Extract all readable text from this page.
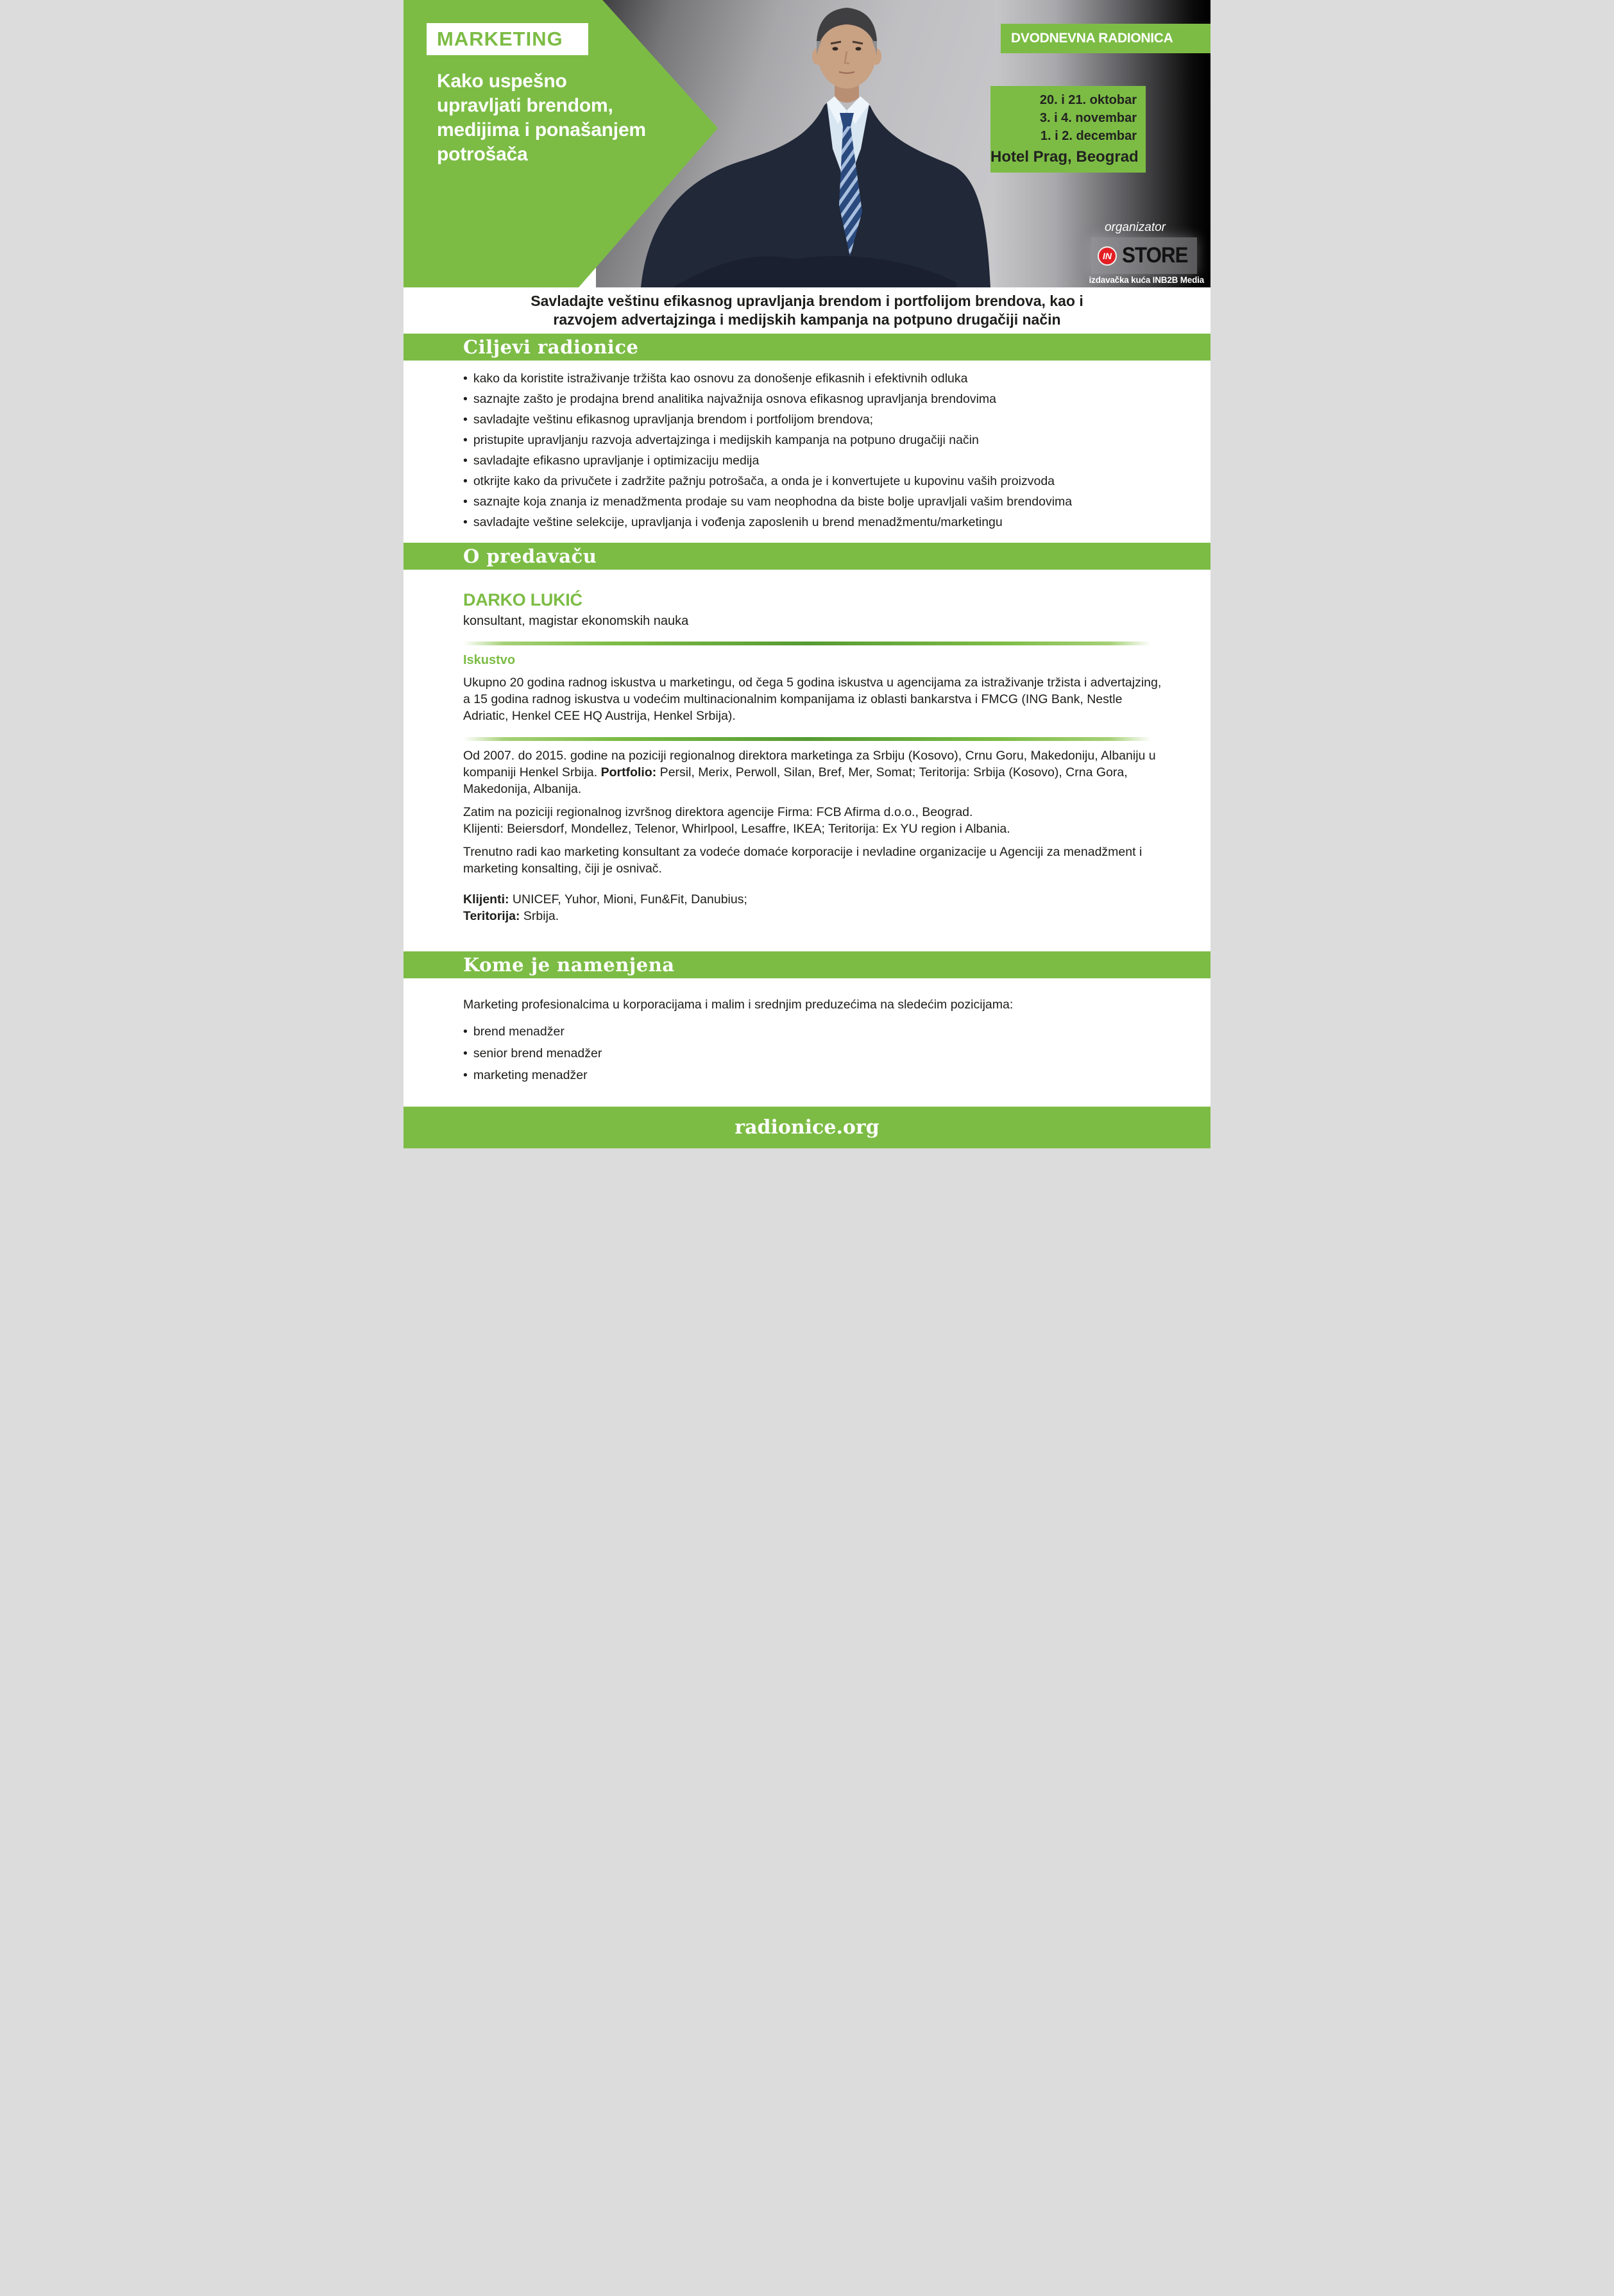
MARKETING
Kako uspešno upravljati brendom, medijima i ponašanjem potrošača
DVODNEVNA RADIONICA
20. i 21. oktobar
3. i 4. novembar
1. i 2. decembar
Hotel Prag, Beograd
organizator
IN STORE
izdavačka kuća INB2B Media

Savladajte veštinu efikasnog upravljanja brendom i portfolijom brendova, kao i razvojem advertajzinga i medijskih kampanja na potpuno drugačiji način

Ciljevi radionice
• kako da koristite istraživanje tržišta kao osnovu za donošenje efikasnih i efektivnih odluka
• saznajte zašto je prodajna brend analitika najvažnija osnova efikasnog upravljanja brendovima
• savladajte veštinu efikasnog upravljanja brendom i portfolijom brendova;
• pristupite upravljanju razvoja advertajzinga i medijskih kampanja na potpuno drugačiji način
• savladajte efikasno upravljanje i optimizaciju medija
• otkrijte kako da privučete i zadržite pažnju potrošača, a onda je i konvertujete u kupovinu vaših proizvoda
• saznajte koja znanja iz menadžmenta prodaje su vam neophodna da biste bolje upravljali vašim brendovima
• savladajte veštine selekcije, upravljanja i vođenja zaposlenih u brend menadžmentu/marketingu
O predavaču
DARKO LUKIĆ

konsultant, magistar ekonomskih nauka

Iskustvo

Ukupno 20 godina radnog iskustva u marketingu, od čega 5 godina iskustva u agencijama za istraživanje tržista i advertajzing, a 15 godina radnog iskustva u vodećim multinacionalnim kompanijama iz oblasti bankarstva i FMCG (ING Bank, Nestle Adriatic, Henkel CEE HQ Austrija, Henkel Srbija).

Od 2007. do 2015. godine na poziciji regionalnog direktora marketinga za Srbiju (Kosovo), Crnu Goru, Makedoniju, Albaniju u kompaniji Henkel Srbija. Portfolio: Persil, Merix, Perwoll, Silan, Bref, Mer, Somat; Teritorija: Srbija (Kosovo), Crna Gora, Makedonija, Albanija.

Zatim na poziciji regionalnog izvršnog direktora agencije Firma: FCB Afirma d.o.o., Beograd.
Klijenti: Beiersdorf, Mondellez, Telenor, Whirlpool, Lesaffre, IKEA; Teritorija: Ex YU region i Albania.

Trenutno radi kao marketing konsultant za vodeće domaće korporacije i nevladine organizacije u Agenciji za menadžment i marketing konsalting, čiji je osnivač.

Klijenti: UNICEF, Yuhor, Mioni, Fun&Fit, Danubius;

Teritorija: Srbija.

Kome je namenjena

Marketing profesionalcima u korporacijama i malim i srednjim preduzećima na sledećim pozicijama:

• brend menadžer
• senior brend menadžer
• marketing menadžer
radionice.org
